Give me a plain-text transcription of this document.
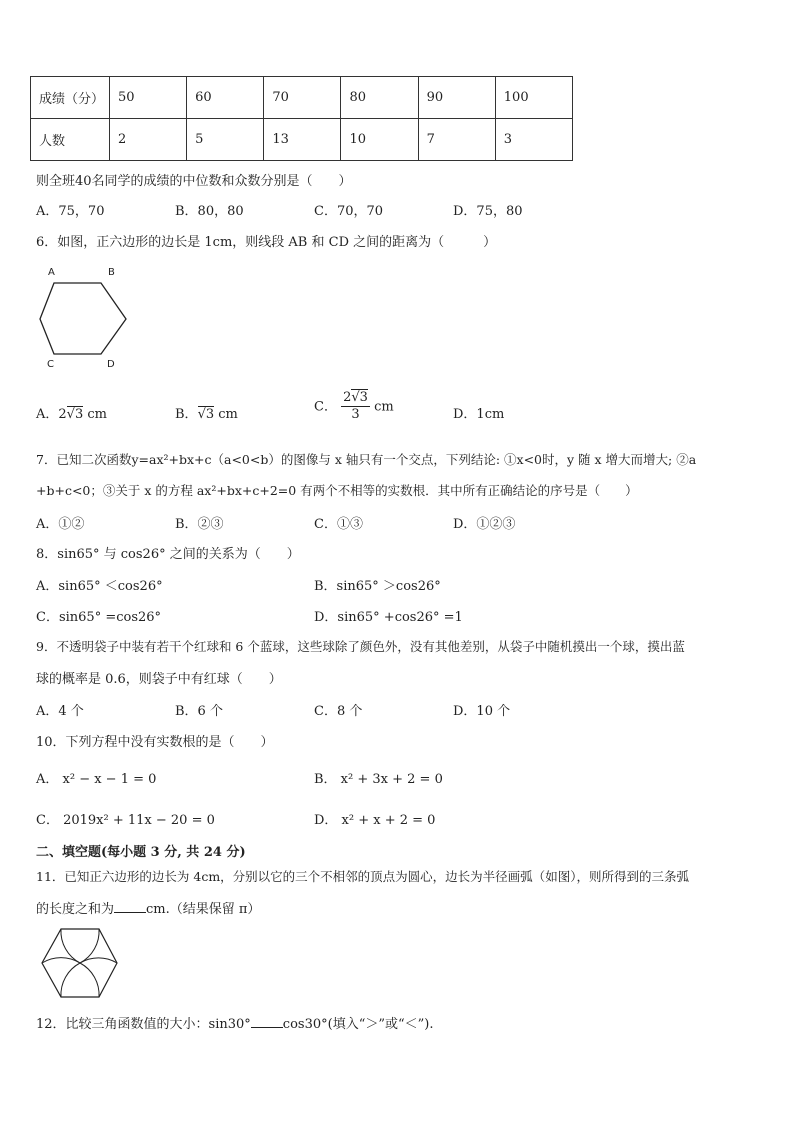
成绩（分）	50	60	70	80	90	100
人数	2	5	13	10	7	3
则全班40名同学的成绩的中位数和众数分别是（　　）
A．75，70	B．80，80	C．70，70	D．75，80
6．如图，正六边形的边长是 1cm，则线段 AB 和 CD 之间的距离为（　　　）
A	B
C	D
A．2√3 cm	B．√3 cm
C． $\frac{2√3}{3}$ cm
D．1cm
7．已知二次函数y=ax²+bx+c（a<0<b）的图像与 x 轴只有一个交点，下列结论: ①x<0时，y 随 x 增大而增大; ②a
+b+c<0；③关于 x 的方程 ax²+bx+c+2=0 有两个不相等的实数根．其中所有正确结论的序号是（　　）
A．①②	B．②③	C．①③	D．①②③
8．sin65° 与 cos26° 之间的关系为（　　）
A．sin65° ＜cos26°	B．sin65° ＞cos26°
C．sin65° =cos26°	D．sin65° +cos26° =1
9．不透明袋子中装有若干个红球和 6 个蓝球，这些球除了颜色外，没有其他差别，从袋子中随机摸出一个球，摸出蓝
球的概率是 0.6，则袋子中有红球（　　）
A．4 个	B．6 个	C．8 个	D．10 个
10．下列方程中没有实数根的是（　　）
A． x² − x − 1 = 0	B． x² + 3x + 2 = 0
C． 2019x² + 11x − 20 = 0	D． x² + x + 2 = 0
二、填空题(每小题 3 分, 共 24 分)
11．已知正六边形的边长为 4cm，分别以它的三个不相邻的顶点为圆心，边长为半径画弧（如图），则所得到的三条弧
的长度之和为 cm.（结果保留 π）
12．比较三角函数值的大小：sin30° cos30°(填入“＞”或“＜”).
